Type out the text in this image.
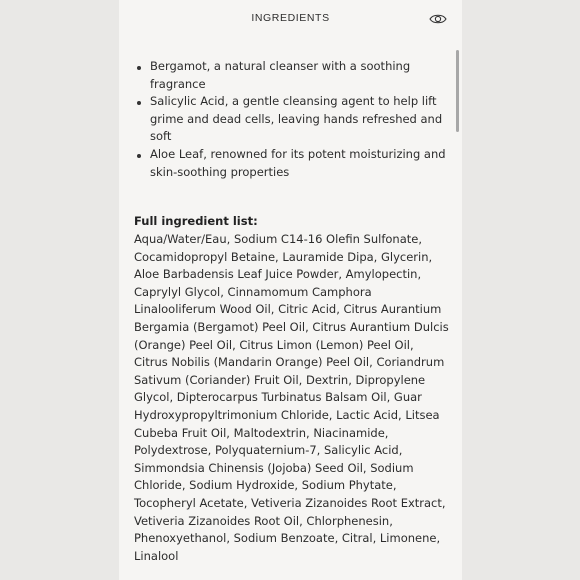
INGREDIENTS
Bergamot, a natural cleanser with a soothing fragrance
Salicylic Acid, a gentle cleansing agent to help lift grime and dead cells, leaving hands refreshed and soft
Aloe Leaf, renowned for its potent moisturizing and skin-soothing properties
Full ingredient list:
Aqua/Water/Eau, Sodium C14-16 Olefin Sulfonate, Cocamidopropyl Betaine, Lauramide Dipa, Glycerin, Aloe Barbadensis Leaf Juice Powder, Amylopectin, Caprylyl Glycol, Cinnamomum Camphora Linalooliferum Wood Oil, Citric Acid, Citrus Aurantium Bergamia (Bergamot) Peel Oil, Citrus Aurantium Dulcis (Orange) Peel Oil, Citrus Limon (Lemon) Peel Oil, Citrus Nobilis (Mandarin Orange) Peel Oil, Coriandrum Sativum (Coriander) Fruit Oil, Dextrin, Dipropylene Glycol, Dipterocarpus Turbinatus Balsam Oil, Guar Hydroxypropyltrimonium Chloride, Lactic Acid, Litsea Cubeba Fruit Oil, Maltodextrin, Niacinamide, Polydextrose, Polyquaternium-7, Salicylic Acid, Simmondsia Chinensis (Jojoba) Seed Oil, Sodium Chloride, Sodium Hydroxide, Sodium Phytate, Tocopheryl Acetate, Vetiveria Zizanoides Root Extract, Vetiveria Zizanoides Root Oil, Chlorphenesin, Phenoxyethanol, Sodium Benzoate, Citral, Limonene, Linalool
